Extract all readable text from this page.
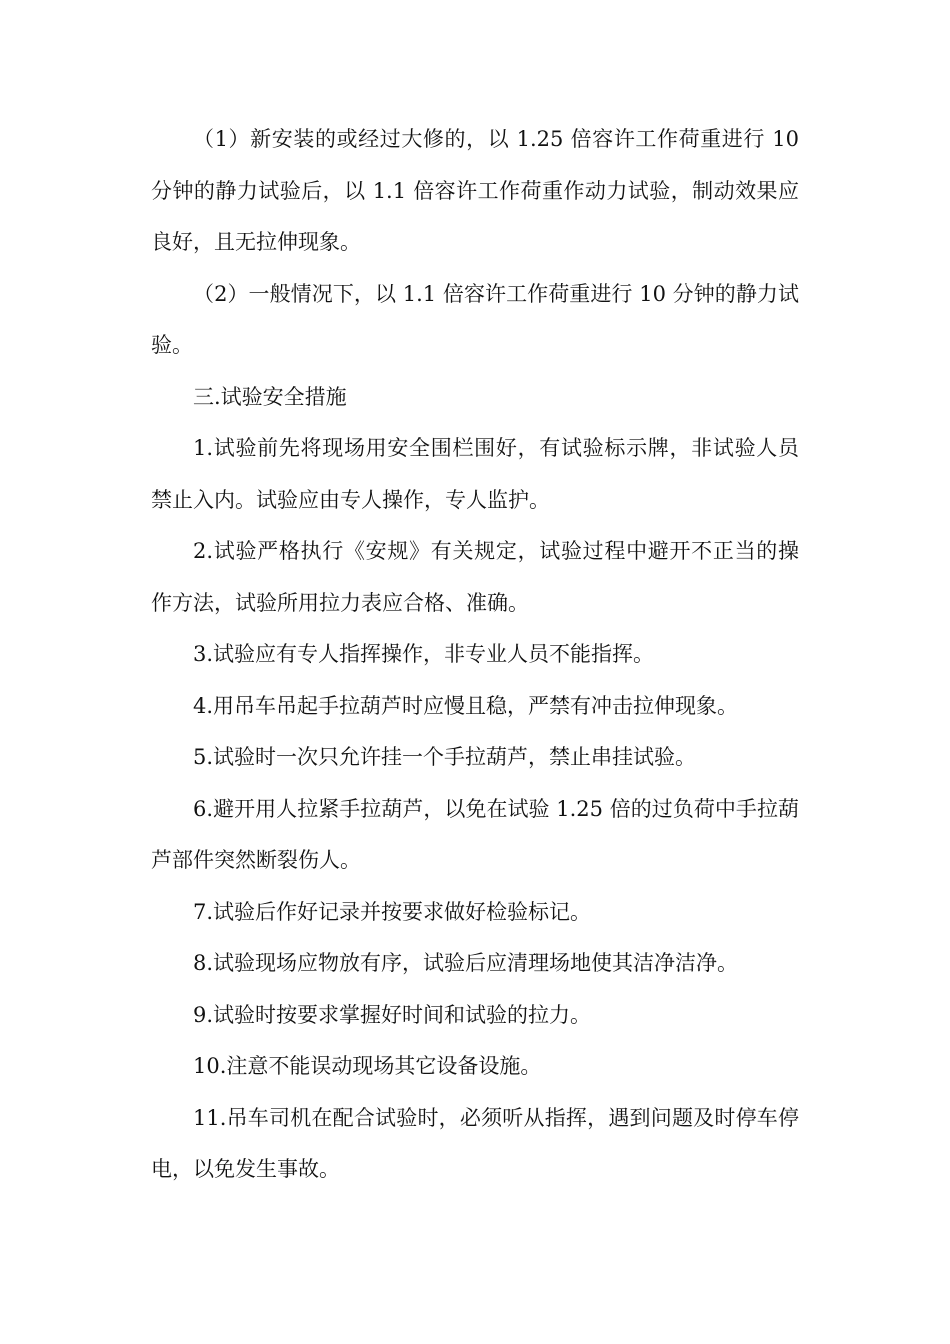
（1）新安装的或经过大修的，以 1.25 倍容许工作荷重进行 10 分钟的静力试验后，以 1.1 倍容许工作荷重作动力试验，制动效果应良好，且无拉伸现象。

（2）一般情况下，以 1.1 倍容许工作荷重进行 10 分钟的静力试验。

三.试验安全措施

1.试验前先将现场用安全围栏围好，有试验标示牌，非试验人员禁止入内。试验应由专人操作，专人监护。

2.试验严格执行《安规》有关规定，试验过程中避开不正当的操作方法，试验所用拉力表应合格、准确。

3.试验应有专人指挥操作，非专业人员不能指挥。

4.用吊车吊起手拉葫芦时应慢且稳，严禁有冲击拉伸现象。

5.试验时一次只允许挂一个手拉葫芦，禁止串挂试验。

6.避开用人拉紧手拉葫芦，以免在试验 1.25 倍的过负荷中手拉葫芦部件突然断裂伤人。

7.试验后作好记录并按要求做好检验标记。

8.试验现场应物放有序，试验后应清理场地使其洁净洁净。

9.试验时按要求掌握好时间和试验的拉力。

10.注意不能误动现场其它设备设施。

11.吊车司机在配合试验时，必须听从指挥，遇到问题及时停车停电，以免发生事故。
